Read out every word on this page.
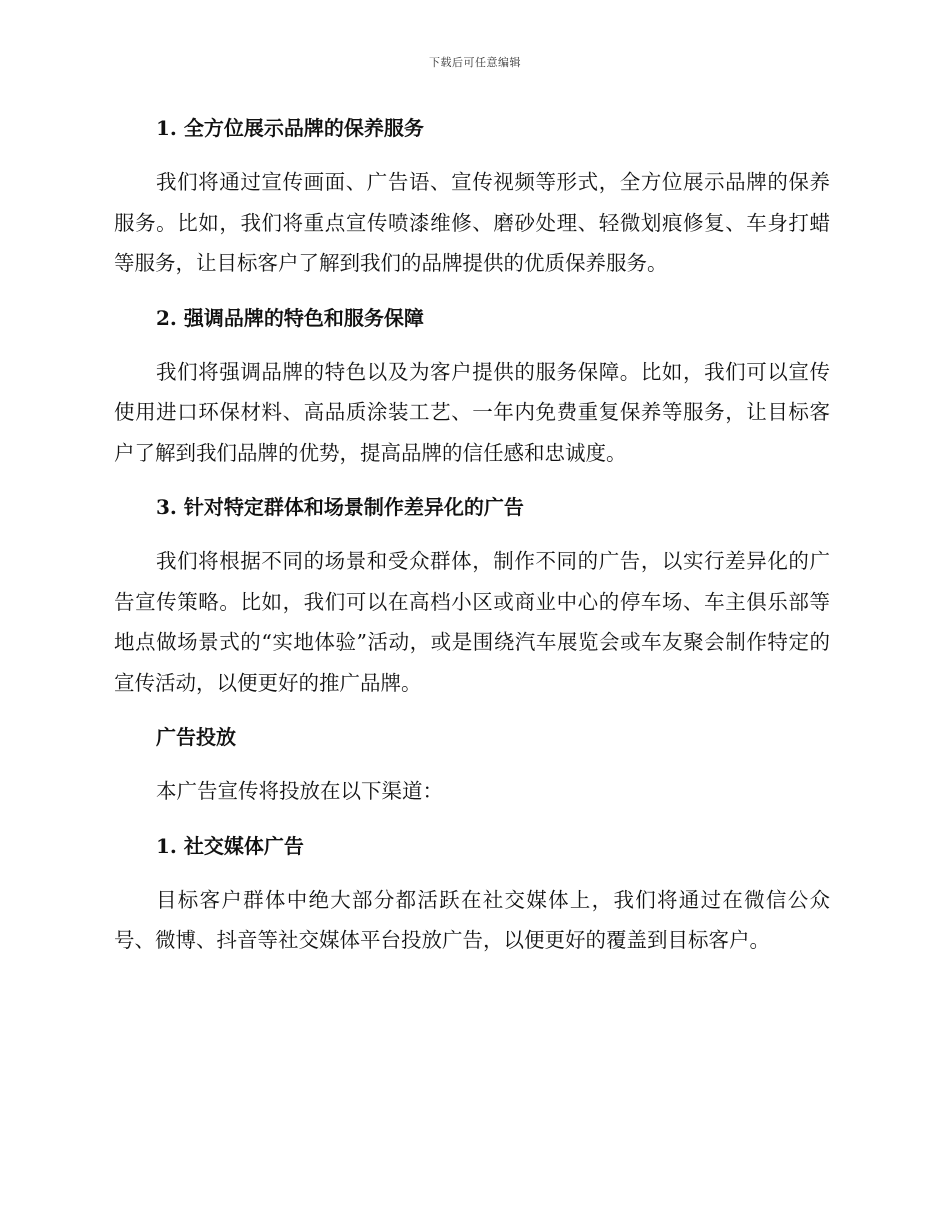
下载后可任意编辑
1. 全方位展示品牌的保养服务

我们将通过宣传画面、广告语、宣传视频等形式，全方位展示品牌的保养服务。比如，我们将重点宣传喷漆维修、磨砂处理、轻微划痕修复、车身打蜡等服务，让目标客户了解到我们的品牌提供的优质保养服务。

2. 强调品牌的特色和服务保障

我们将强调品牌的特色以及为客户提供的服务保障。比如，我们可以宣传使用进口环保材料、高品质涂装工艺、一年内免费重复保养等服务，让目标客户了解到我们品牌的优势，提高品牌的信任感和忠诚度。

3. 针对特定群体和场景制作差异化的广告

我们将根据不同的场景和受众群体，制作不同的广告，以实行差异化的广告宣传策略。比如，我们可以在高档小区或商业中心的停车场、车主俱乐部等地点做场景式的“实地体验”活动，或是围绕汽车展览会或车友聚会制作特定的宣传活动，以便更好的推广品牌。

广告投放

本广告宣传将投放在以下渠道：

1. 社交媒体广告

目标客户群体中绝大部分都活跃在社交媒体上，我们将通过在微信公众号、微博、抖音等社交媒体平台投放广告，以便更好的覆盖到目标客户。
